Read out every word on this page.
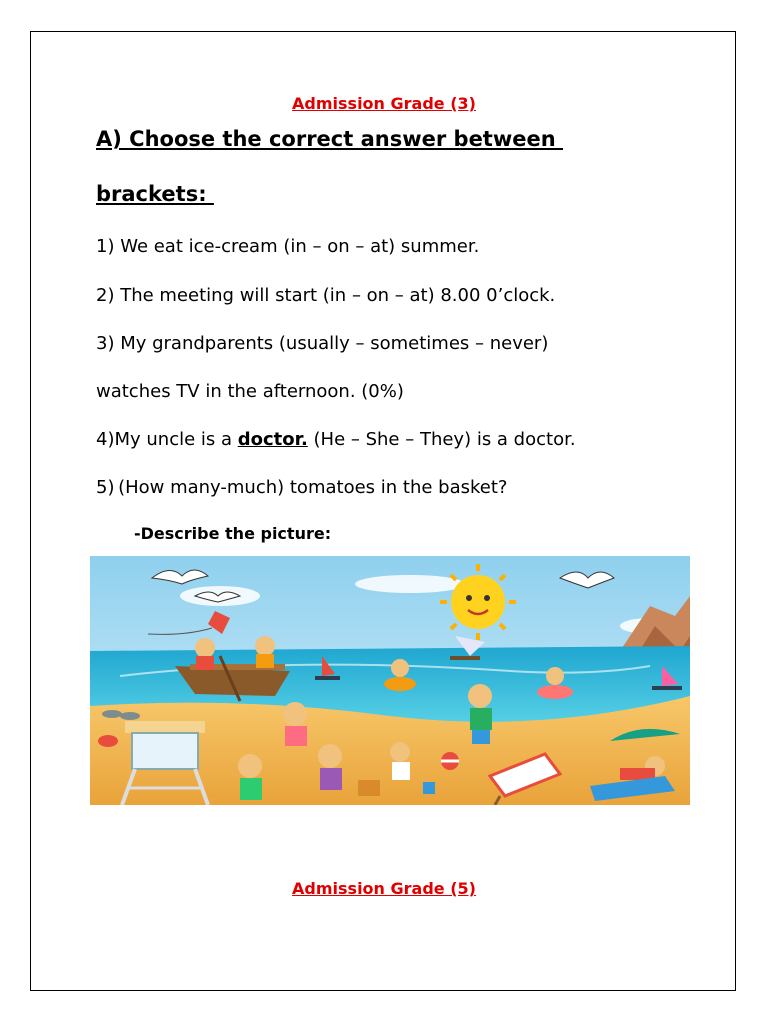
Admission Grade (3)
A) Choose the correct answer between
brackets:
1) We eat ice-cream (in – on – at) summer.
2) The meeting will start (in – on – at) 8.00 0’clock.
3) My grandparents (usually – sometimes – never)
watches TV in the afternoon. (0%)
4)My uncle is a doctor. (He – She – They) is a doctor.
5) (How many-much) tomatoes in the basket?
-Describe the picture:
Admission Grade (5)
